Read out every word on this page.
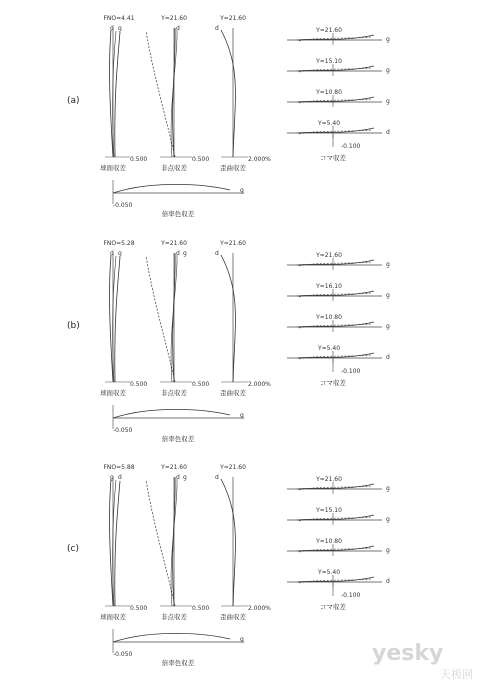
(a)
FNO=4.41
0.500
球面収差
d g
Y=21.60
0.500
非点収差
d
Y=21.60
2.000%
歪曲収差
d
-0.050
g
倍率色収差
Y=21.60
g
Y=15.10
g
Y=10.80
g
Y=5.40
d
-0.100
コマ収差
(b)
FNO=5.28
0.500
球面収差
d g
Y=21.60
0.500
非点収差
d g
Y=21.60
2.000%
歪曲収差
d
-0.050
g
倍率色収差
Y=21.60
g
Y=16.10
g
Y=10.80
g
Y=5.40
d
-0.100
コマ収差
(c)
FNO=5.88
0.500
球面収差
g d
Y=21.60
0.500
非点収差
d g
Y=21.60
2.000%
歪曲収差
d
-0.050
g
倍率色収差
Y=21.60
g
Y=15.10
g
Y=10.80
g
Y=5.40
d
-0.100
コマ収差
yesky
天极网
